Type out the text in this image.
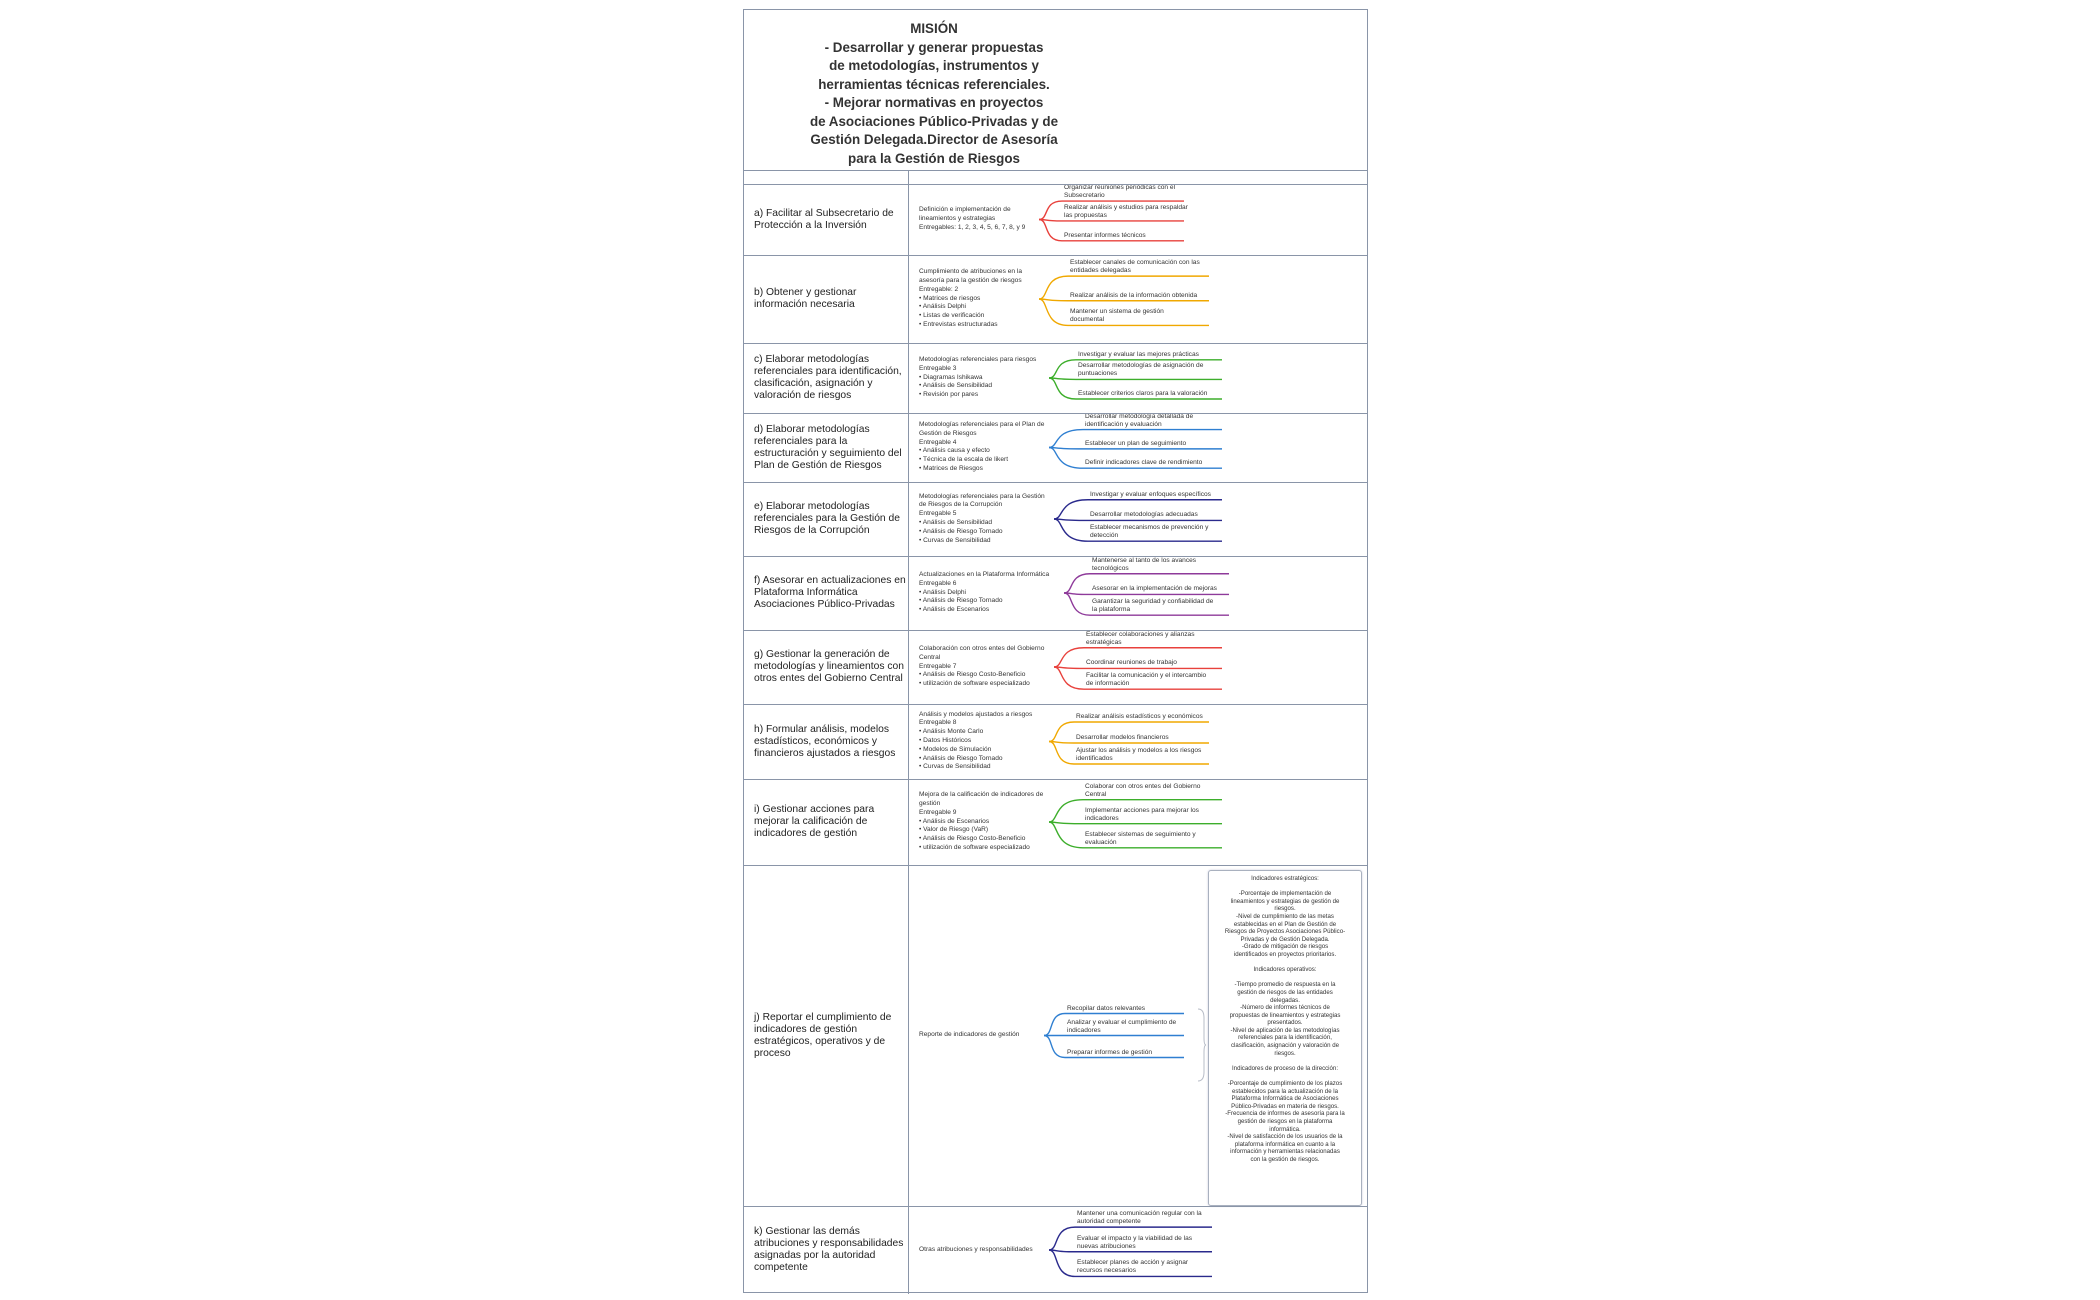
MISIÓN
- Desarrollar y generar propuestas
de metodologías, instrumentos y
herramientas técnicas referenciales.
- Mejorar normativas en proyectos
de Asociaciones Público-Privadas y de
Gestión Delegada.Director de Asesoría
para la Gestión de Riesgos
a) Facilitar al Subsecretario de
Protección a la Inversión
Definición e implementación de
lineamientos y estrategias
Entregables: 1, 2, 3, 4, 5, 6, 7, 8, y 9
Organizar reuniones periódicas con el
Subsecretario
Realizar análisis y estudios para respaldar
las propuestas
Presentar informes técnicos
b) Obtener y gestionar
información necesaria
Cumplimiento de atribuciones en la
asesoría para la gestión de riesgos
Entregable: 2
• Matrices de riesgos
• Análisis Delphi
• Listas de verificación
• Entrevistas estructuradas
Establecer canales de comunicación con las
entidades delegadas
Realizar análisis de la información obtenida
Mantener un sistema de gestión
documental
c) Elaborar metodologías
referenciales para identificación,
clasificación, asignación y
valoración de riesgos
Metodologías referenciales para riesgos
Entregable 3
• Diagramas Ishikawa
• Análisis de Sensibilidad
• Revisión por pares
Investigar y evaluar las mejores prácticas
Desarrollar metodologías de asignación de
puntuaciones
Establecer criterios claros para la valoración
d) Elaborar metodologías
referenciales para la
estructuración y seguimiento del
Plan de Gestión de Riesgos
Metodologías referenciales para el Plan de
Gestión de Riesgos
Entregable 4
• Análisis causa y efecto
• Técnica de la escala de likert
• Matrices de Riesgos
Desarrollar metodología detallada de
identificación y evaluación
Establecer un plan de seguimiento
Definir indicadores clave de rendimiento
e) Elaborar metodologías
referenciales para la Gestión de
Riesgos de la Corrupción
Metodologías referenciales para la Gestión
de Riesgos de la Corrupción
Entregable 5
• Análisis de Sensibilidad
• Análisis de Riesgo Tornado
• Curvas de Sensibilidad
Investigar y evaluar enfoques específicos
Desarrollar metodologías adecuadas
Establecer mecanismos de prevención y
detección
f) Asesorar en actualizaciones en
Plataforma Informática
Asociaciones Público-Privadas
Actualizaciones en la Plataforma Informática
Entregable 6
• Análisis Delphi
• Análisis de Riesgo Tornado
• Análisis de Escenarios
Mantenerse al tanto de los avances
tecnológicos
Asesorar en la implementación de mejoras
Garantizar la seguridad y confiabilidad de
la plataforma
g) Gestionar la generación de
metodologías y lineamientos con
otros entes del Gobierno Central
Colaboración con otros entes del Gobierno
Central
Entregable 7
• Análisis de Riesgo Costo-Beneficio
• utilización de software especializado
Establecer colaboraciones y alianzas
estratégicas
Coordinar reuniones de trabajo
Facilitar la comunicación y el intercambio
de información
h) Formular análisis, modelos
estadísticos, económicos y
financieros ajustados a riesgos
Análisis y modelos ajustados a riesgos
Entregable 8
• Análisis Monte Carlo
• Datos Históricos
• Modelos de Simulación
• Análisis de Riesgo Tornado
• Curvas de Sensibilidad
Realizar análisis estadísticos y económicos
Desarrollar modelos financieros
Ajustar los análisis y modelos a los riesgos
identificados
i) Gestionar acciones para
mejorar la calificación de
indicadores de gestión
Mejora de la calificación de indicadores de
gestión
Entregable 9
• Análisis de Escenarios
• Valor de Riesgo (VaR)
• Análisis de Riesgo Costo-Beneficio
• utilización de software especializado
Colaborar con otros entes del Gobierno
Central
Implementar acciones para mejorar los
indicadores
Establecer sistemas de seguimiento y
evaluación
j) Reportar el cumplimiento de
indicadores de gestión
estratégicos, operativos y de
proceso
Reporte de indicadores de gestión
Recopilar datos relevantes
Analizar y evaluar el cumplimiento de
indicadores
Preparar informes de gestión
k) Gestionar las demás
atribuciones y responsabilidades
asignadas por la autoridad
competente
Otras atribuciones y responsabilidades
Mantener una comunicación regular con la
autoridad competente
Evaluar el impacto y la viabilidad de las
nuevas atribuciones
Establecer planes de acción y asignar
recursos necesarios
Indicadores estratégicos:
-Porcentaje de implementación de
lineamientos y estrategias de gestión de
riesgos.
-Nivel de cumplimiento de las metas
establecidas en el Plan de Gestión de
Riesgos de Proyectos Asociaciones Público-
Privadas y de Gestión Delegada.
-Grado de mitigación de riesgos
identificados en proyectos prioritarios.
Indicadores operativos:
-Tiempo promedio de respuesta en la
gestión de riesgos de las entidades
delegadas.
-Número de informes técnicos de
propuestas de lineamientos y estrategias
presentados.
-Nivel de aplicación de las metodologías
referenciales para la identificación,
clasificación, asignación y valoración de
riesgos.
Indicadores de proceso de la dirección:
-Porcentaje de cumplimiento de los plazos
establecidos para la actualización de la
Plataforma Informática de Asociaciones
Público-Privadas en materia de riesgos.
-Frecuencia de informes de asesoría para la
gestión de riesgos en la plataforma
informática.
-Nivel de satisfacción de los usuarios de la
plataforma informática en cuanto a la
información y herramientas relacionadas
con la gestión de riesgos.
